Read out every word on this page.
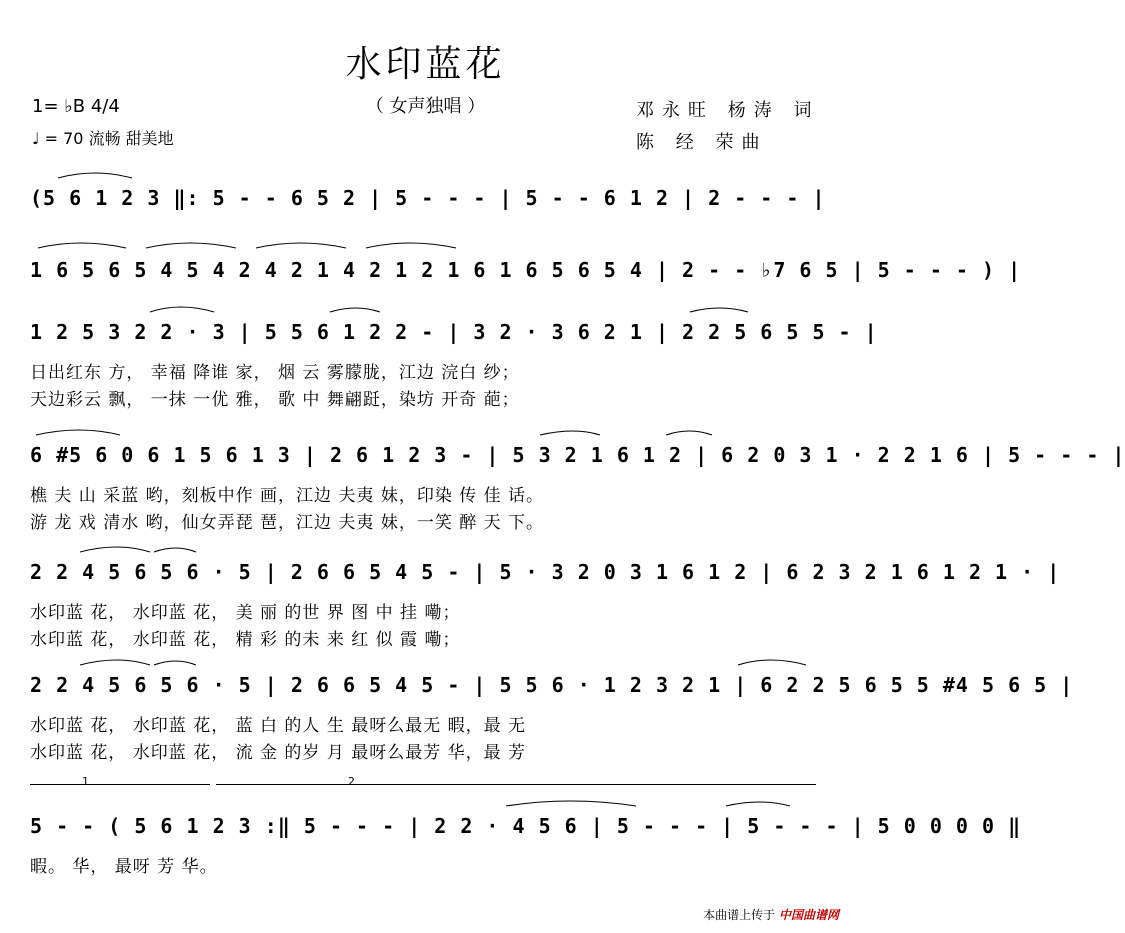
水印蓝花
（ 女声独唱 ）
1= ♭B 4/4
♩ = 70 流畅 甜美地
邓永旺 杨涛 词
陈 经 荣曲
(5 6 1 2 3 ‖: 5 - - 6 5 2 | 5 - - - | 5 - - 6 1 2 | 2 - - - |
1 6 5 6 5 4 5 4 2 4 2 1 4 2 1 2 1 6 1 6 5 6 5 4 | 2 - - ♭7 6 5 | 5 - - - ) |
1 2 5 3 2 2 · 3 | 5 5 6 1 2 2 - | 3 2 · 3 6 2 1 | 2 2 5 6 5 5 - |
日出红东 方， 幸福 降谁 家， 烟 云 雾朦胧，江边 浣白 纱；
天边彩云 飘， 一抹 一优 雅， 歌 中 舞翩跹，染坊 开奇 葩；
6 #5 6 0 6 1 5 6 1 3 | 2 6 1 2 3 - | 5 3 2 1 6 1 2 | 6 2 0 3 1 · 2 2 1 6 | 5 - - - |
樵 夫 山 采蓝 哟，刻板中作 画，江边 夫夷 妹，印染 传 佳 话。
游 龙 戏 清水 哟，仙女弄琵 琶，江边 夫夷 妹，一笑 醉 天 下。
2 2 4 5 6 5 6 · 5 | 2 6 6 5 4 5 - | 5 · 3 2 0 3 1 6 1 2 | 6 2 3 2 1 6 1 2 1 · |
水印蓝 花， 水印蓝 花， 美 丽 的世 界 图 中 挂 嘞；
水印蓝 花， 水印蓝 花， 精 彩 的未 来 红 似 霞 嘞；
2 2 4 5 6 5 6 · 5 | 2 6 6 5 4 5 - | 5 5 6 · 1 2 3 2 1 | 6 2 2 5 6 5 5 #4 5 6 5 |
水印蓝 花， 水印蓝 花， 蓝 白 的人 生 最呀么最无 暇，最 无
水印蓝 花， 水印蓝 花， 流 金 的岁 月 最呀么最芳 华，最 芳
1	2
5 - - ( 5 6 1 2 3 :‖ 5 - - - | 2 2 · 4 5 6 | 5 - - - | 5 - - - | 5 0 0 0 0 ‖
暇。 华， 最呀 芳 华。
本曲谱上传于 中国曲谱网
